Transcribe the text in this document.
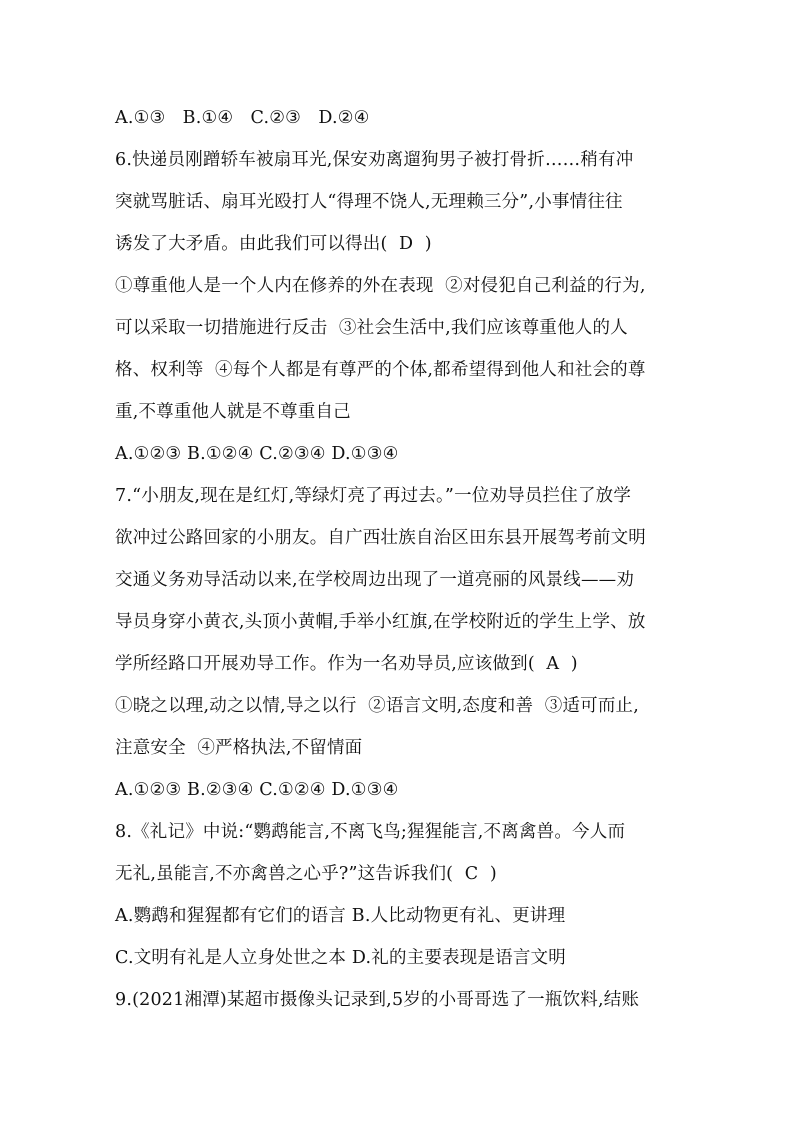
A.①③   B.①④   C.②③   D.②④
6.快递员刚蹭轿车被扇耳光,保安劝离遛狗男子被打骨折……稍有冲
突就骂脏话、扇耳光殴打人“得理不饶人,无理赖三分”,小事情往往
诱发了大矛盾。由此我们可以得出(  D  )
①尊重他人是一个人内在修养的外在表现  ②对侵犯自己利益的行为,
可以采取一切措施进行反击  ③社会生活中,我们应该尊重他人的人
格、权利等  ④每个人都是有尊严的个体,都希望得到他人和社会的尊
重,不尊重他人就是不尊重自己
A.①②③ B.①②④ C.②③④ D.①③④
7.“小朋友,现在是红灯,等绿灯亮了再过去。”一位劝导员拦住了放学
欲冲过公路回家的小朋友。自广西壮族自治区田东县开展驾考前文明
交通义务劝导活动以来,在学校周边出现了一道亮丽的风景线——劝
导员身穿小黄衣,头顶小黄帽,手举小红旗,在学校附近的学生上学、放
学所经路口开展劝导工作。作为一名劝导员,应该做到(  A  )
①晓之以理,动之以情,导之以行  ②语言文明,态度和善  ③适可而止,
注意安全  ④严格执法,不留情面
A.①②③ B.②③④ C.①②④ D.①③④
8.《礼记》中说:“鹦鹉能言,不离飞鸟;猩猩能言,不离禽兽。今人而
无礼,虽能言,不亦禽兽之心乎?”这告诉我们(  C  )
A.鹦鹉和猩猩都有它们的语言 B.人比动物更有礼、更讲理
C.文明有礼是人立身处世之本 D.礼的主要表现是语言文明
9.(2021湘潭)某超市摄像头记录到,5岁的小哥哥选了一瓶饮料,结账
